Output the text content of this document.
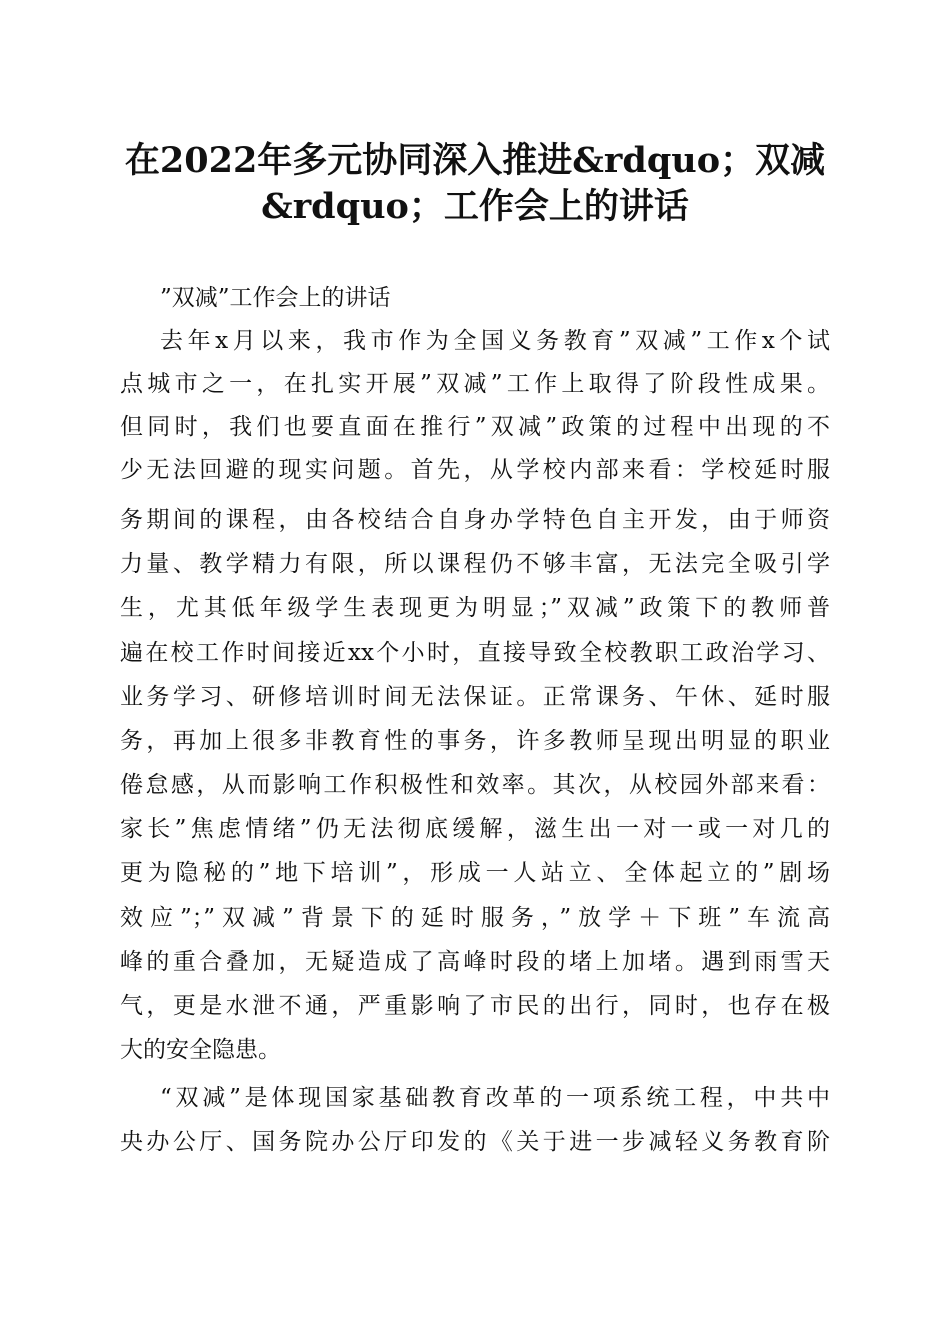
在2022年多元协同深入推进&rdquo；双减
&rdquo；工作会上的讲话
”双减”工作会上的讲话
去年x月以来，我市作为全国义务教育”双减”工作x个试
点城市之一，在扎实开展”双减”工作上取得了阶段性成果。
但同时，我们也要直面在推行”双减”政策的过程中出现的不
少无法回避的现实问题。首先，从学校内部来看：学校延时服
务期间的课程，由各校结合自身办学特色自主开发，由于师资
力量、教学精力有限，所以课程仍不够丰富，无法完全吸引学
生，尤其低年级学生表现更为明显；”双减”政策下的教师普
遍在校工作时间接近xx个小时，直接导致全校教职工政治学习、
业务学习、研修培训时间无法保证。正常课务、午休、延时服
务，再加上很多非教育性的事务，许多教师呈现出明显的职业
倦怠感，从而影响工作积极性和效率。其次，从校园外部来看：
家长”焦虑情绪”仍无法彻底缓解，滋生出一对一或一对几的
更为隐秘的”地下培训”，形成一人站立、全体起立的”剧场
效应”；”双减”背景下的延时服务，”放学＋下班”车流高
峰的重合叠加，无疑造成了高峰时段的堵上加堵。遇到雨雪天
气，更是水泄不通，严重影响了市民的出行，同时，也存在极
大的安全隐患。
“双减”是体现国家基础教育改革的一项系统工程，中共中
央办公厅、国务院办公厅印发的《关于进一步减轻义务教育阶
